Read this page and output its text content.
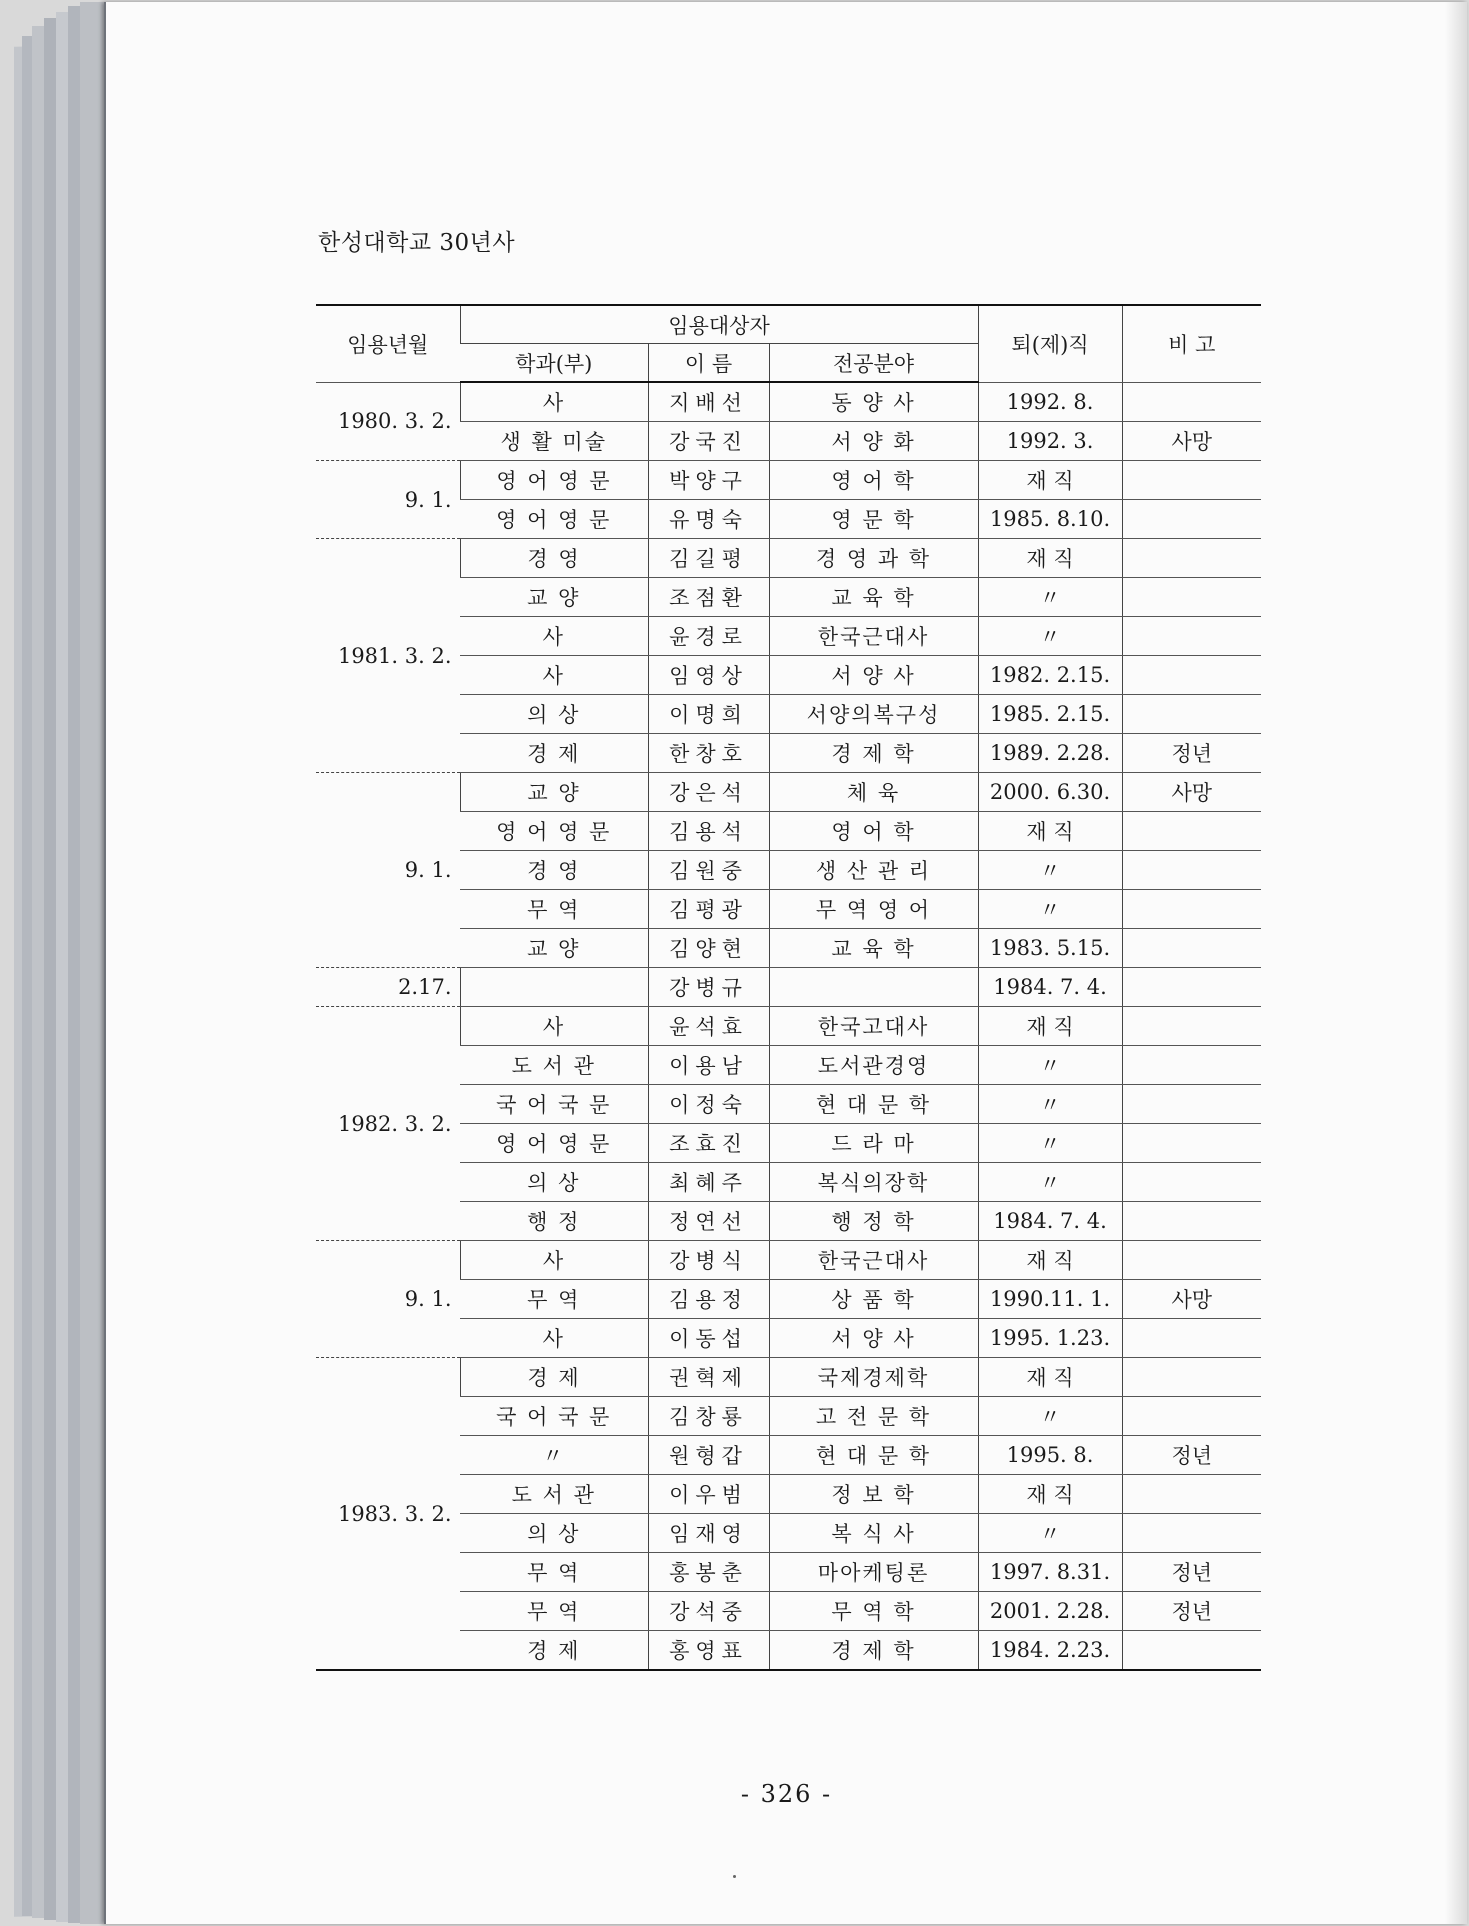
한성대학교 30년사
임용년월	임용대상자			퇴(제)직	비 고
	학과(부)	이 름	전공분야		
1980. 3. 2.	사	지배선	동 양 사	1992. 8.	
	생 활 미술	강국진	서 양 화	1992. 3.	사망
9. 1.	영 어 영 문	박양구	영 어 학	재 직	
	영 어 영 문	유명숙	영 문 학	1985. 8.10.	
1981. 3. 2.	경 영	김길평	경 영 과 학	재 직	
	교 양	조점환	교 육 학	〃	
	사	윤경로	한국근대사	〃	
	사	임영상	서 양 사	1982. 2.15.	
	의 상	이명희	서양의복구성	1985. 2.15.	
	경 제	한창호	경 제 학	1989. 2.28.	정년
9. 1.	교 양	강은석	체 육	2000. 6.30.	사망
	영 어 영 문	김용석	영 어 학	재 직	
	경 영	김원중	생 산 관 리	〃	
	무 역	김평광	무 역 영 어	〃	
	교 양	김양현	교 육 학	1983. 5.15.	
2.17.		강병규		1984. 7. 4.	
1982. 3. 2.	사	윤석효	한국고대사	재 직	
	도 서 관	이용남	도서관경영	〃	
	국 어 국 문	이정숙	현 대 문 학	〃	
	영 어 영 문	조효진	드 라 마	〃	
	의 상	최혜주	복식의장학	〃	
	행 정	정연선	행 정 학	1984. 7. 4.	
9. 1.	사	강병식	한국근대사	재 직	
	무 역	김용정	상 품 학	1990.11. 1.	사망
	사	이동섭	서 양 사	1995. 1.23.	
1983. 3. 2.	경 제	권혁제	국제경제학	재 직	
	국 어 국 문	김창룡	고 전 문 학	〃	
	〃	원형갑	현 대 문 학	1995. 8.	정년
	도 서 관	이우범	정 보 학	재 직	
	의 상	임재영	복 식 사	〃	
	무 역	홍봉춘	마아케팅론	1997. 8.31.	정년
	무 역	강석중	무 역 학	2001. 2.28.	정년
	경 제	홍영표	경 제 학	1984. 2.23.	
- 326 -
